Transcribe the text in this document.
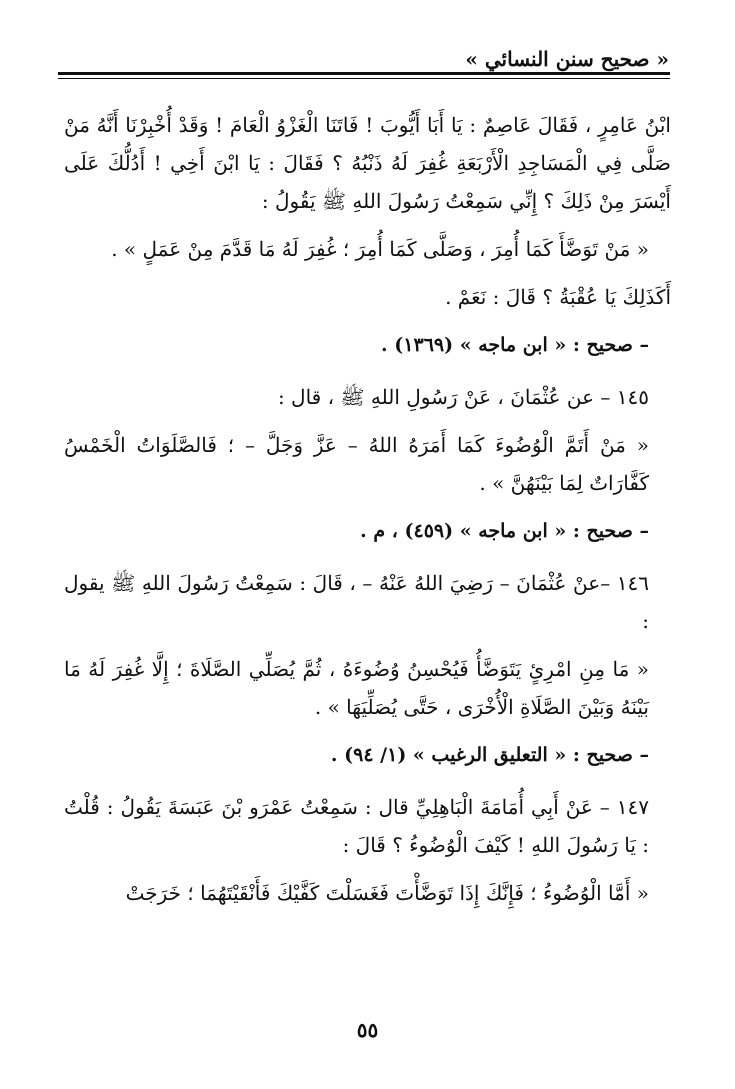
« صحيح سنن النسائي »

ابْنُ عَامِرٍ ، فَقَالَ عَاصِمٌ : يَا أَبَا أَيُّوبَ ! فَاتَنَا الْغَزْوُ الْعَامَ ! وَقَدْ أُخْبِرْنَا أَنَّهُ مَنْ صَلَّى فِي الْمَسَاجِدِ الْأَرْبَعَةِ غُفِرَ لَهُ ذَنْبُهُ ؟ فَقَالَ : يَا ابْنَ أَخِي ! أَدُلُّكَ عَلَى أَيْسَرَ مِنْ ذَلِكَ ؟ إِنِّي سَمِعْتُ رَسُولَ اللهِ ﷺ يَقُولُ :

« مَنْ تَوَضَّأَ كَمَا أُمِرَ ، وَصَلَّى كَمَا أُمِرَ ؛ غُفِرَ لَهُ مَا قَدَّمَ مِنْ عَمَلٍ » .

أَكَذَلِكَ يَا عُقْبَةُ ؟ قَالَ : نَعَمْ .

– صحيح : « ابن ماجه » (١٣٦٩) .

١٤٥ – عن عُثْمَانَ ، عَنْ رَسُولِ اللهِ ﷺ ، قال :

« مَنْ أَتَمَّ الْوُضُوءَ كَمَا أَمَرَهُ اللهُ – عَزَّ وَجَلَّ – ؛ فَالصَّلَوَاتُ الْخَمْسُ كَفَّارَاتٌ لِمَا بَيْنَهُنَّ » .

– صحيح : « ابن ماجه » (٤٥٩) ، م .

١٤٦ –عنْ عُثْمَانَ – رَضِيَ اللهُ عَنْهُ – ، قَالَ : سَمِعْتُ رَسُولَ اللهِ ﷺ يقول :

« مَا مِنِ امْرِئٍ يَتَوَضَّأُ فَيُحْسِنُ وُضُوءَهُ ، ثُمَّ يُصَلِّي الصَّلَاةَ ؛ إِلَّا غُفِرَ لَهُ مَا بَيْنَهُ وَبَيْنَ الصَّلَاةِ الْأُخْرَى ، حَتَّى يُصَلِّيَهَا » .

– صحيح : « التعليق الرغيب » (١/ ٩٤) .

١٤٧ – عَنْ أَبِي أُمَامَةَ الْبَاهِلِيِّ قال : سَمِعْتُ عَمْرَو بْنَ عَبَسَةَ يَقُولُ : قُلْتُ : يَا رَسُولَ اللهِ ! كَيْفَ الْوُضُوءُ ؟ قَالَ :

« أَمَّا الْوُضُوءُ ؛ فَإِنَّكَ إِذَا تَوَضَّأْتَ فَغَسَلْتَ كَفَّيْكَ فَأَنْقَيْتَهُمَا ؛ خَرَجَتْ

٥٥
